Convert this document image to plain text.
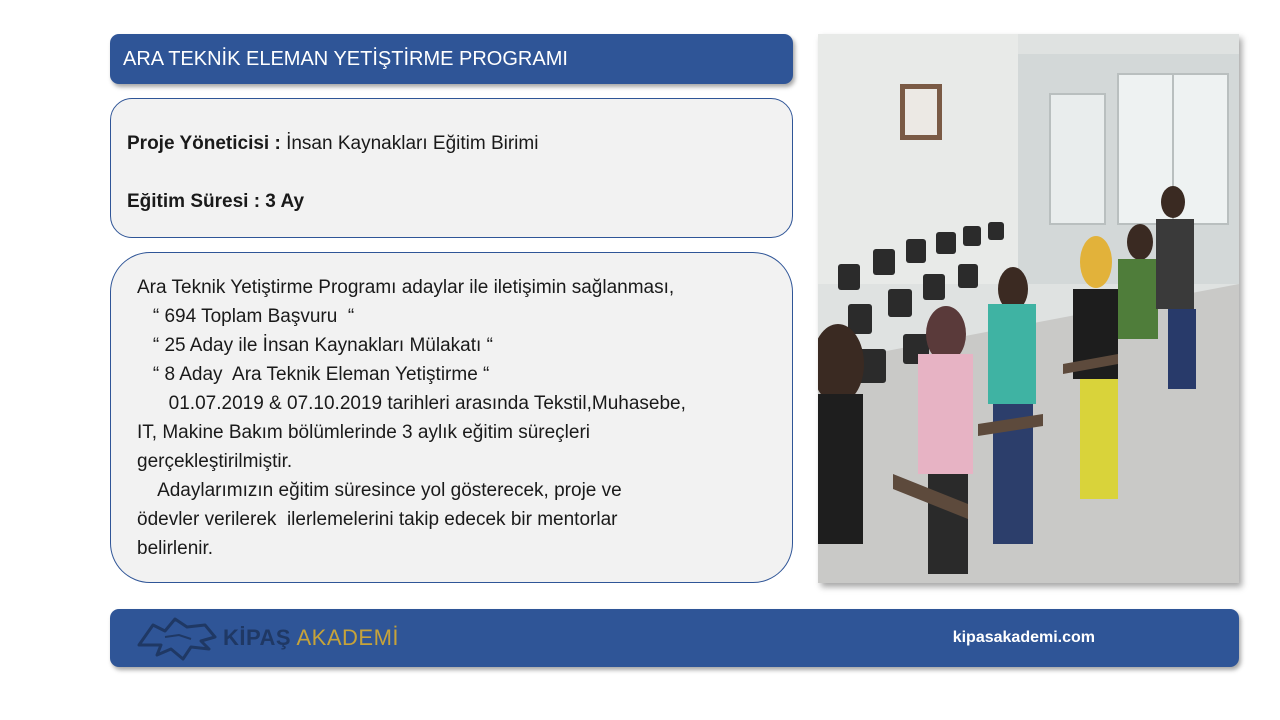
ARA TEKNİK ELEMAN YETİŞTİRME PROGRAMI
Proje Yöneticisi : İnsan Kaynakları Eğitim Birimi
Eğitim Süresi : 3 Ay
Ara Teknik Yetiştirme Programı adaylar ile iletişimin sağlanması,
“ 694 Toplam Başvuru  “
“ 25 Aday ile İnsan Kaynakları Mülakatı “
“ 8 Aday  Ara Teknik Eleman Yetiştirme “
01.07.2019 & 07.10.2019 tarihleri arasında Tekstil,Muhasebe,
IT, Makine Bakım bölümlerinde 3 aylık eğitim süreçleri
gerçekleştirilmiştir.
Adaylarımızın eğitim süresince yol gösterecek, proje ve
ödevler verilerek  ilerlemelerini takip edecek bir mentorlar
belirlenir.
KİPAŞ AKADEMİ	kipasakademi.com
